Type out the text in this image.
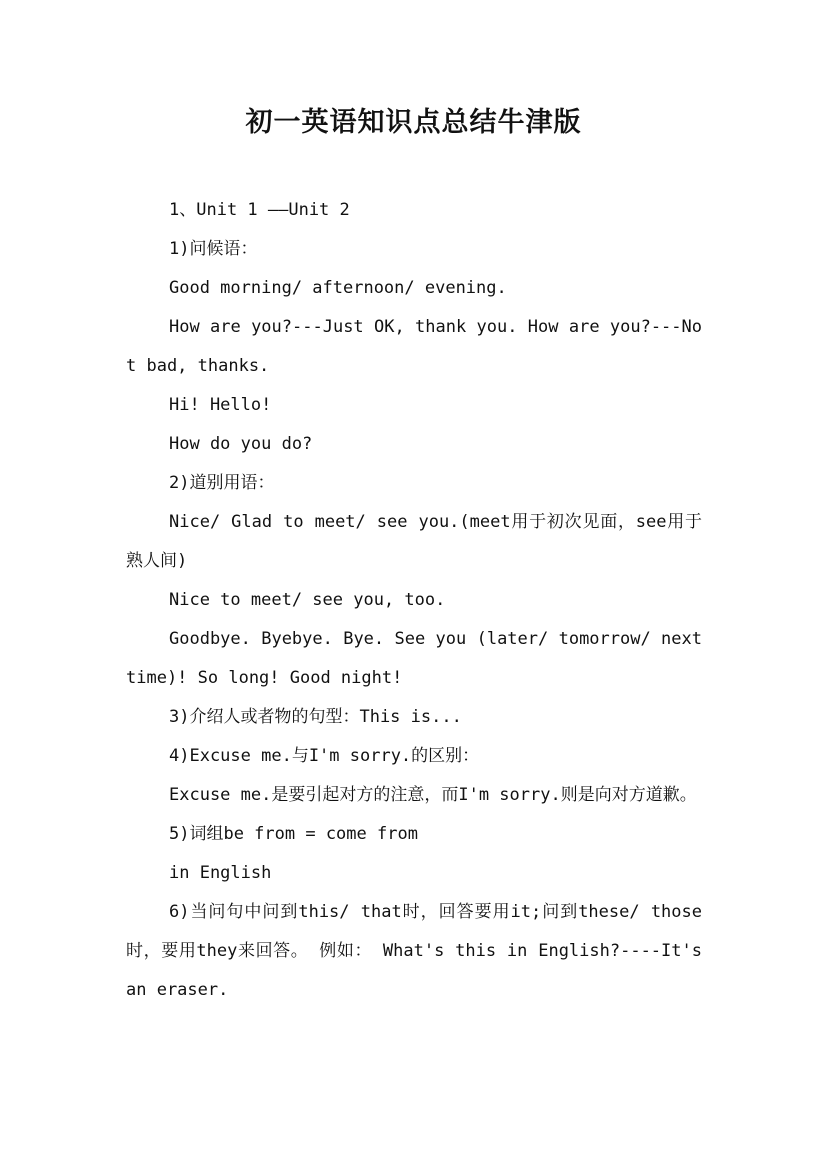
初一英语知识点总结牛津版

1、Unit 1 ——Unit 2

1)问候语：

Good morning/ afternoon/ evening.

How are you?---Just OK, thank you. How are you?---Not bad, thanks.

Hi! Hello!

How do you do?

2)道别用语：

Nice/ Glad to meet/ see you.(meet用于初次见面，see用于熟人间)

Nice to meet/ see you, too.

Goodbye. Byebye. Bye. See you (later/ tomorrow/ next time)! So long! Good night!

3)介绍人或者物的句型：This is...

4)Excuse me.与I'm sorry.的区别：

Excuse me.是要引起对方的注意，而I'm sorry.则是向对方道歉。

5)词组be from = come from

in English

6)当问句中问到this/ that时，回答要用it;问到these/ those时，要用they来回答。 例如： What's this in English?----It's an eraser.
